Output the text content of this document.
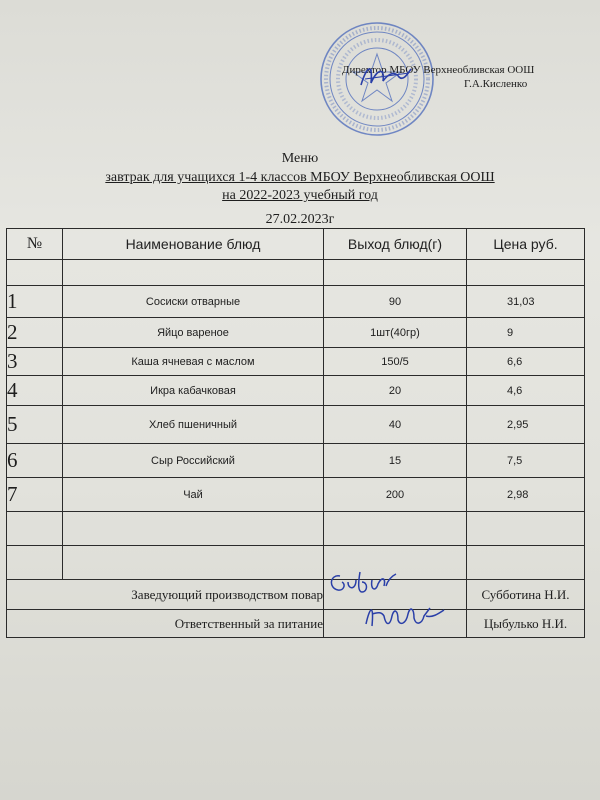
Директор МБОУ Верхнеобливская ООШ
Г.А.Кисленко
Меню
завтрак для учащихся 1-4 классов МБОУ Верхнеобливская ООШ
на 2022-2023 учебный год
27.02.2023г
№	Наименование блюд	Выход блюд(г)	Цена руб.

1	Сосиски отварные	90	31,03
2	Яйцо вареное	1шт(40гр)	9
3	Каша ячневая с маслом	150/5	6,6
4	Икра кабачковая	20	4,6
5	Хлеб пшеничный	40	2,95
6	Сыр Российский	15	7,5
7	Чай	200	2,98

Заведующий производством повар			Субботина Н.И.
Ответственный за питание			Цыбулько Н.И.
